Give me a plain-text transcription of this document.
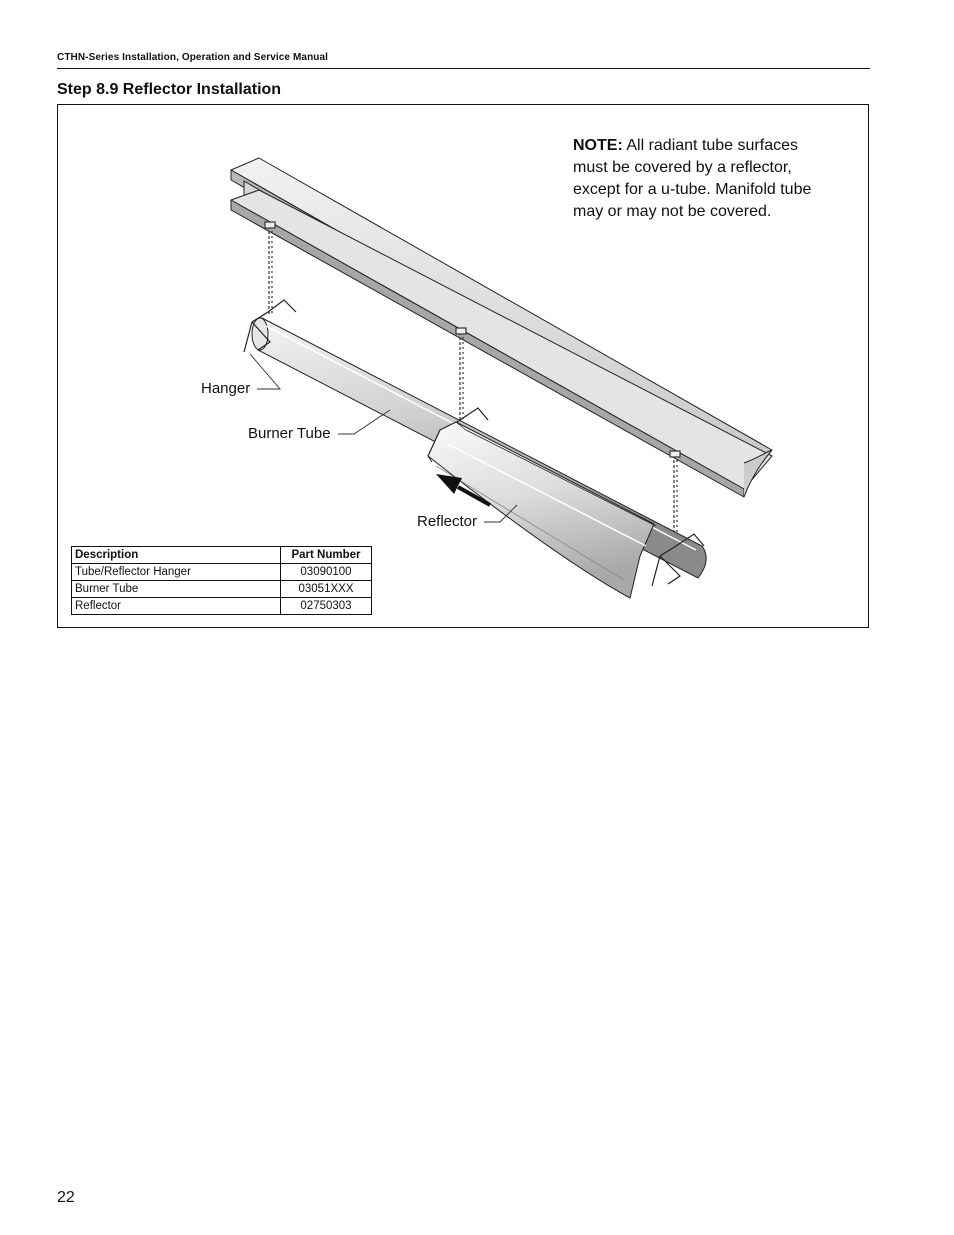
CTHN-Series Installation, Operation and Service Manual
Step 8.9 Reflector Installation
NOTE: All radiant tube surfaces must be covered by a reflector, except for a u-tube. Manifold tube may or may not be covered.
Hanger
Burner Tube
Reflector
Description	Part Number
Tube/Reflector Hanger	03090100
Burner Tube	03051XXX
Reflector	02750303
22
